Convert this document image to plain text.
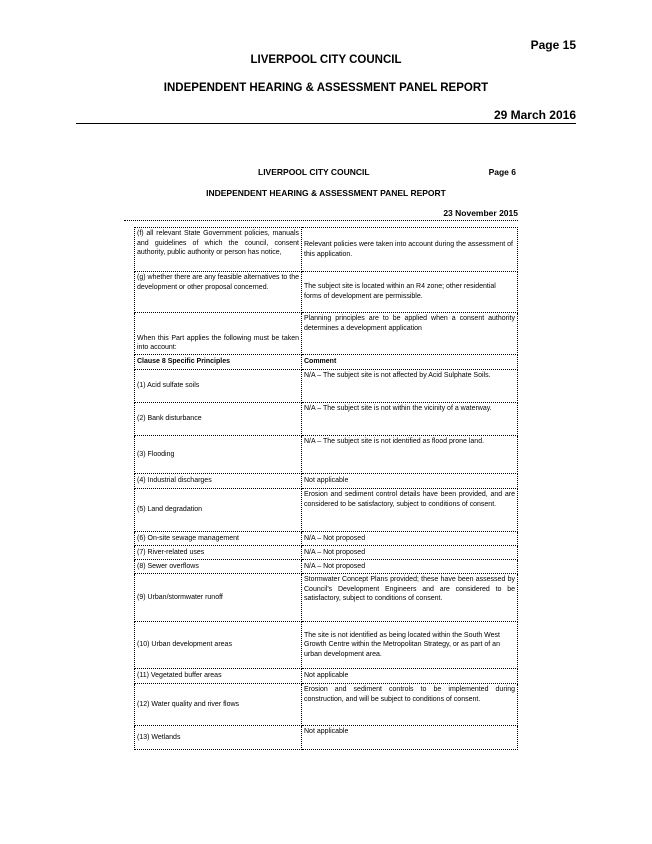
Page 15
LIVERPOOL CITY COUNCIL
INDEPENDENT HEARING & ASSESSMENT PANEL REPORT
29 March 2016
LIVERPOOL CITY COUNCIL	Page 6
INDEPENDENT HEARING & ASSESSMENT PANEL REPORT
23 November 2015
(f) all relevant State Government policies, manuals and guidelines of which the council, consent authority, public authority or person has notice,	Relevant policies were taken into account during the assessment of this application.
(g) whether there are any feasible alternatives to the development or other proposal concerned.	The subject site is located within an R4 zone; other residential forms of development are permissible.
When this Part applies the following must be taken into account:	Planning principles are to be applied when a consent authority determines a development application
Clause 8 Specific Principles	Comment
(1) Acid sulfate soils	N/A – The subject site is not affected by Acid Sulphate Soils.
(2) Bank disturbance	N/A – The subject site is not within the vicinity of a waterway.
(3) Flooding	N/A – The subject site is not identified as flood prone land.
(4) Industrial discharges	Not applicable
(5) Land degradation	Erosion and sediment control details have been provided, and are considered to be satisfactory, subject to conditions of consent.
(6) On-site sewage management	N/A – Not proposed
(7) River-related uses	N/A – Not proposed
(8) Sewer overflows	N/A – Not proposed
(9) Urban/stormwater runoff	Stormwater Concept Plans provided; these have been assessed by Council's Development Engineers and are considered to be satisfactory, subject to conditions of consent.
(10) Urban development areas	The site is not identified as being located within the South West Growth Centre within the Metropolitan Strategy, or as part of an urban development area.
(11) Vegetated buffer areas	Not applicable
(12) Water quality and river flows	Erosion and sediment controls to be implemented during construction, and will be subject to conditions of consent.
(13) Wetlands	Not applicable
